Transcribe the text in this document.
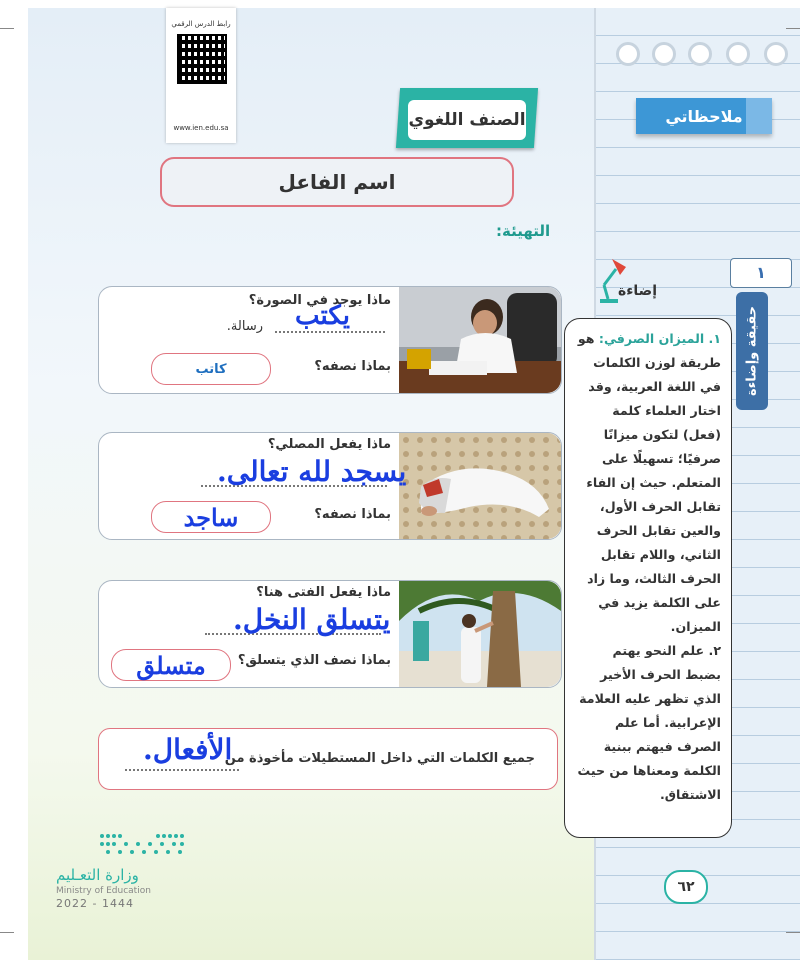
رابط الدرس الرقمي
www.ien.edu.sa	الصنف اللغوي
اسم الفاعل
التهيئة:
ماذا يوجد في الصورة؟
يكتب
رسالة.
بماذا نصفه؟
كاتب
ماذا يفعل المصلي؟
يسجد لله تعالى.
بماذا نصفه؟
ساجد
ماذا يفعل الفتى هنا؟
يتسلق النخل.
بماذا نصف الذي يتسلق؟
متسلق
جميع الكلمات التي داخل المستطيلات مأخوذة من
الأفعال.
وزارة التعـليم
Ministry of Education
2022 - 1444
ملاحظاتي
١
حقيقة وإضاءة
إضاءة
١. الميزان الصرفي: هو طريقة لوزن الكلمات في اللغة العربية، وقد اختار العلماء كلمة (فعل) لتكون ميزانًا صرفيًا؛ تسهيلًا على المتعلم. حيث إن الفاء تقابل الحرف الأول، والعين تقابل الحرف الثاني، واللام تقابل الحرف الثالث، وما زاد على الكلمة يزيد في الميزان.
٢. علم النحو يهتم بضبط الحرف الأخير الذي تظهر عليه العلامة الإعرابية. أما علم الصرف فيهتم ببنية الكلمة ومعناها من حيث الاشتقاق.
٦٢
